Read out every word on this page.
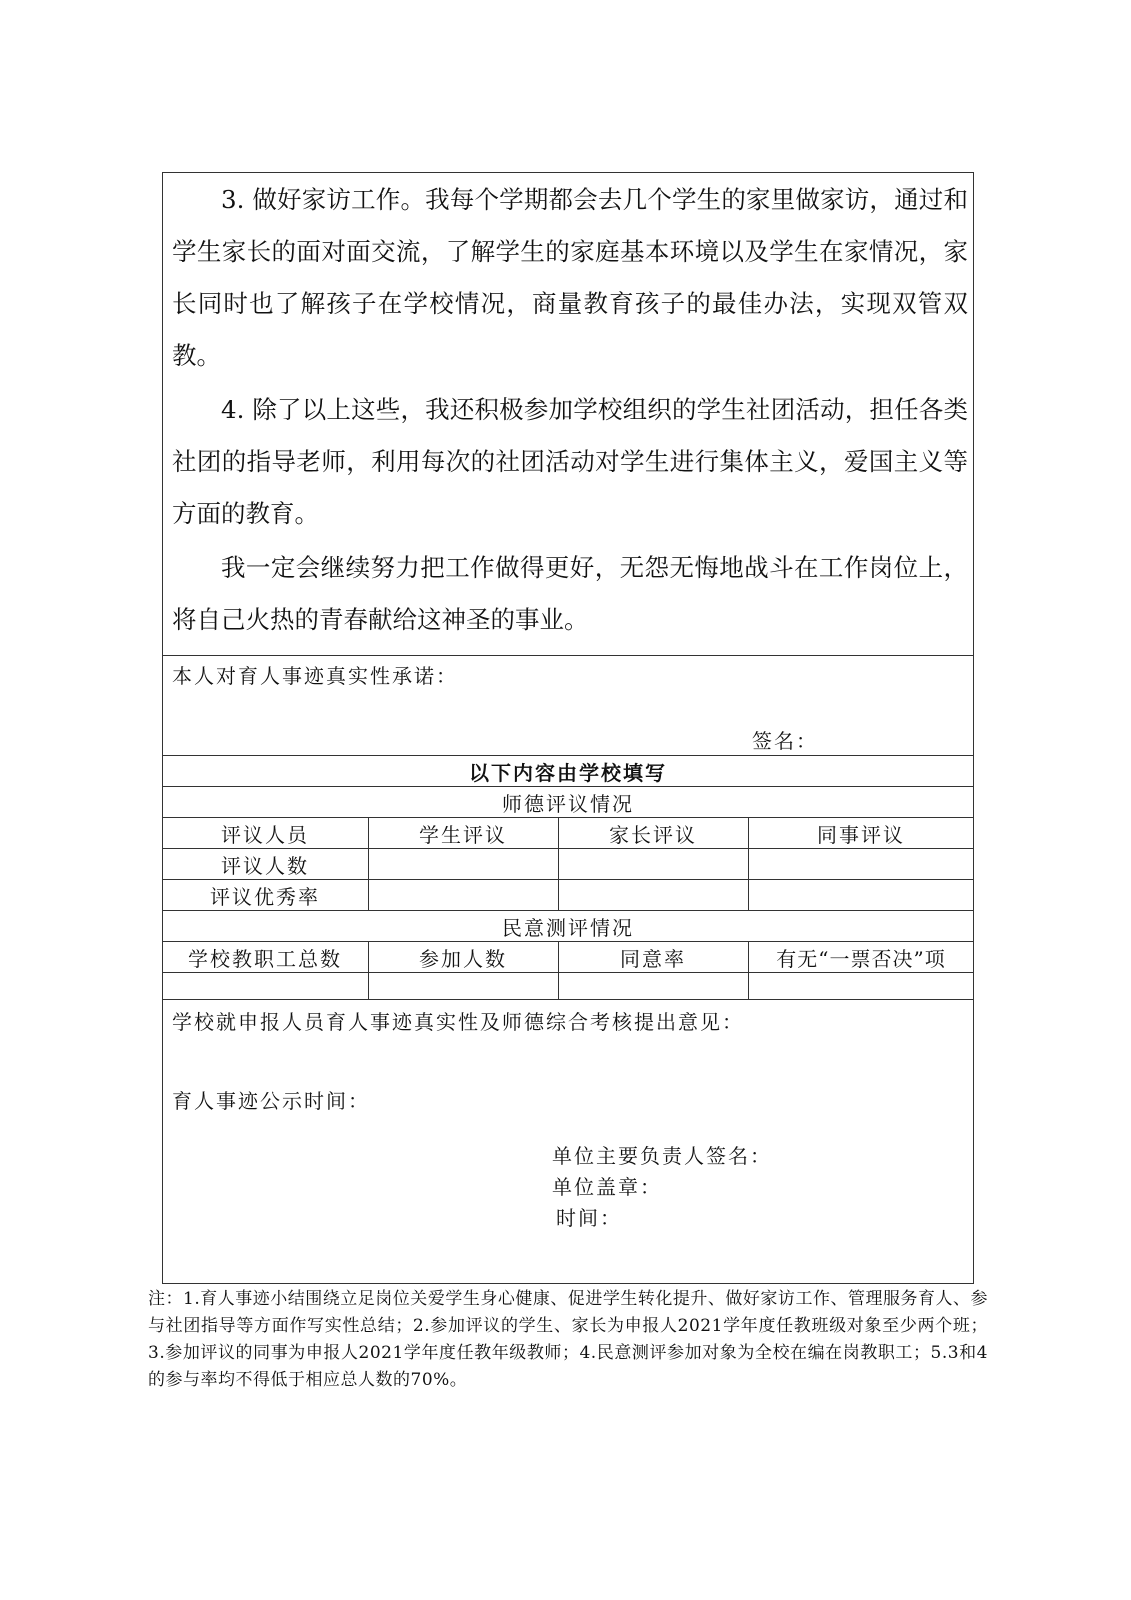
3. 做好家访工作。我每个学期都会去几个学生的家里做家访，通过和学生家长的面对面交流，了解学生的家庭基本环境以及学生在家情况，家长同时也了解孩子在学校情况，商量教育孩子的最佳办法，实现双管双教。

4. 除了以上这些，我还积极参加学校组织的学生社团活动，担任各类社团的指导老师，利用每次的社团活动对学生进行集体主义，爱国主义等方面的教育。

我一定会继续努力把工作做得更好，无怨无悔地战斗在工作岗位上，将自己火热的青春献给这神圣的事业。

本人对育人事迹真实性承诺：
签名：
以下内容由学校填写
师德评议情况
评议人员	学生评议	家长评议	同事评议
评议人数
评议优秀率
民意测评情况
学校教职工总数	参加人数	同意率	有无“一票否决”项
学校就申报人员育人事迹真实性及师德综合考核提出意见：
育人事迹公示时间：
单位主要负责人签名：
单位盖章：
时间：
注：1.育人事迹小结围绕立足岗位关爱学生身心健康、促进学生转化提升、做好家访工作、管理服务育人、参与社团指导等方面作写实性总结；2.参加评议的学生、家长为申报人2021学年度任教班级对象至少两个班；3.参加评议的同事为申报人2021学年度任教年级教师；4.民意测评参加对象为全校在编在岗教职工；5.3和4的参与率均不得低于相应总人数的70%。
